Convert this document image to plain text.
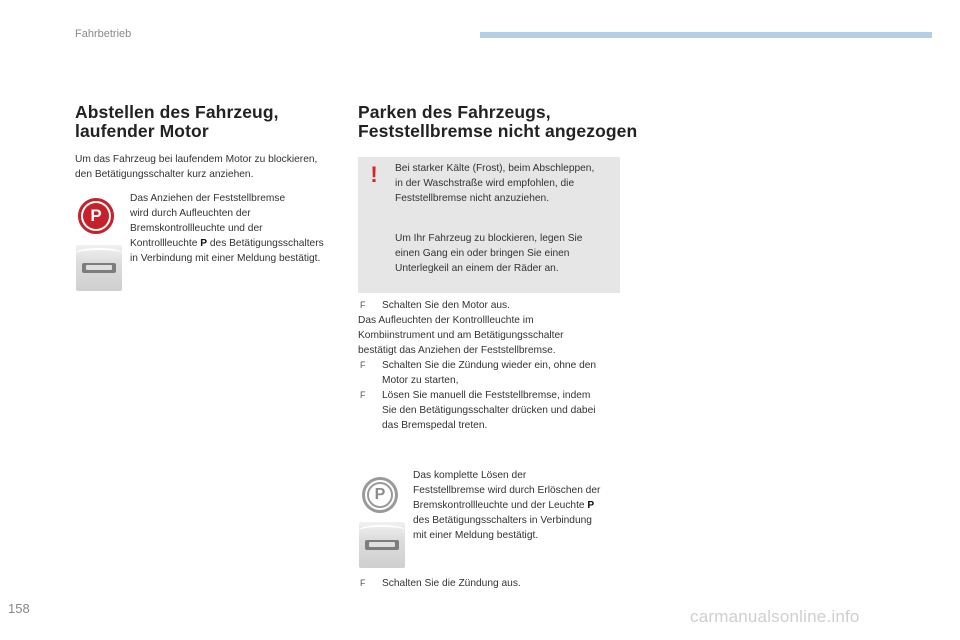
Fahrbetrieb
Abstellen des Fahrzeug,
laufender Motor
Um das Fahrzeug bei laufendem Motor zu blockieren,
den Betätigungsschalter kurz anziehen.
P
Das Anziehen der Feststellbremse
wird durch Aufleuchten der
Bremskontrollleuchte und der
Kontrollleuchte P des Betätigungsschalters
in Verbindung mit einer Meldung bestätigt.
Parken des Fahrzeugs,
Feststellbremse nicht angezogen
!	Bei starker Kälte (Frost), beim Abschleppen,
in der Waschstraße wird empfohlen, die
Feststellbremse nicht anzuziehen.
Um Ihr Fahrzeug zu blockieren, legen Sie
einen Gang ein oder bringen Sie einen
Unterlegkeil an einem der Räder an.
F Schalten Sie den Motor aus.
Das Aufleuchten der Kontrollleuchte im
Kombiinstrument und am Betätigungsschalter
bestätigt das Anziehen der Feststellbremse.
F Schalten Sie die Zündung wieder ein, ohne den
Motor zu starten,
F Lösen Sie manuell die Feststellbremse, indem
Sie den Betätigungsschalter drücken und dabei
das Bremspedal treten.
P
Das komplette Lösen der
Feststellbremse wird durch Erlöschen der
Bremskontrollleuchte und der Leuchte P
des Betätigungsschalters in Verbindung
mit einer Meldung bestätigt.
F Schalten Sie die Zündung aus.
158	carmanualsonline.info
